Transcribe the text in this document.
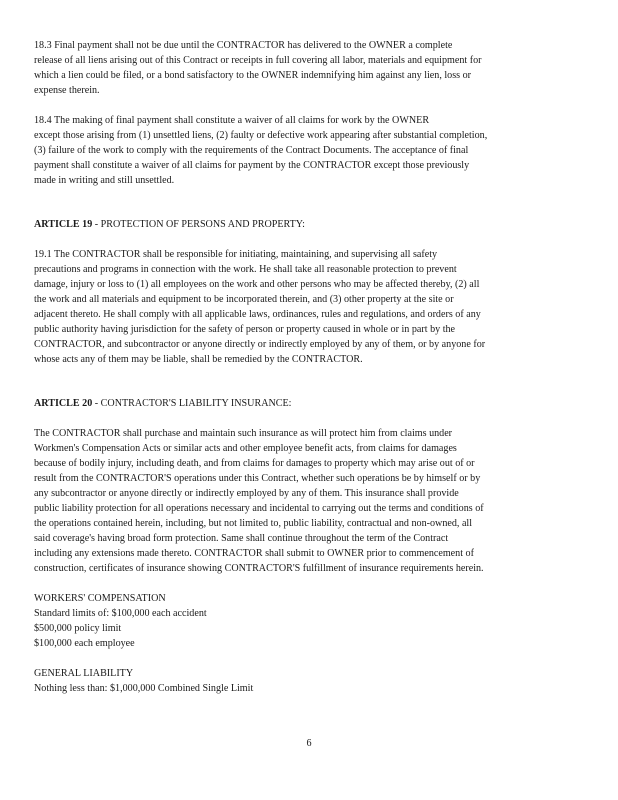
18.3 Final payment shall not be due until the CONTRACTOR has delivered to the OWNER a complete
release of all liens arising out of this Contract or receipts in full covering all labor, materials and equipment for
which a lien could be filed, or a bond satisfactory to the OWNER indemnifying him against any lien, loss or
expense therein.
18.4 The making of final payment shall constitute a waiver of all claims for work by the OWNER
except those arising from (1) unsettled liens, (2) faulty or defective work appearing after substantial completion,
(3) failure of the work to comply with the requirements of the Contract Documents. The acceptance of final
payment shall constitute a waiver of all claims for payment by the CONTRACTOR except those previously
made in writing and still unsettled.
ARTICLE 19 - PROTECTION OF PERSONS AND PROPERTY:
19.1 The CONTRACTOR shall be responsible for initiating, maintaining, and supervising all safety
precautions and programs in connection with the work. He shall take all reasonable protection to prevent
damage, injury or loss to (1) all employees on the work and other persons who may be affected thereby, (2) all
the work and all materials and equipment to be incorporated therein, and (3) other property at the site or
adjacent thereto. He shall comply with all applicable laws, ordinances, rules and regulations, and orders of any
public authority having jurisdiction for the safety of person or property caused in whole or in part by the
CONTRACTOR, and subcontractor or anyone directly or indirectly employed by any of them, or by anyone for
whose acts any of them may be liable, shall be remedied by the CONTRACTOR.
ARTICLE 20 - CONTRACTOR'S LIABILITY INSURANCE:
The CONTRACTOR shall purchase and maintain such insurance as will protect him from claims under
Workmen's Compensation Acts or similar acts and other employee benefit acts, from claims for damages
because of bodily injury, including death, and from claims for damages to property which may arise out of or
result from the CONTRACTOR'S operations under this Contract, whether such operations be by himself or by
any subcontractor or anyone directly or indirectly employed by any of them. This insurance shall provide
public liability protection for all operations necessary and incidental to carrying out the terms and conditions of
the operations contained herein, including, but not limited to, public liability, contractual and non-owned, all
said coverage's having broad form protection. Same shall continue throughout the term of the Contract
including any extensions made thereto. CONTRACTOR shall submit to OWNER prior to commencement of
construction, certificates of insurance showing CONTRACTOR'S fulfillment of insurance requirements herein.
WORKERS' COMPENSATION
Standard limits of: $100,000 each accident
$500,000 policy limit
$100,000 each employee
GENERAL LIABILITY
Nothing less than: $1,000,000 Combined Single Limit
6
